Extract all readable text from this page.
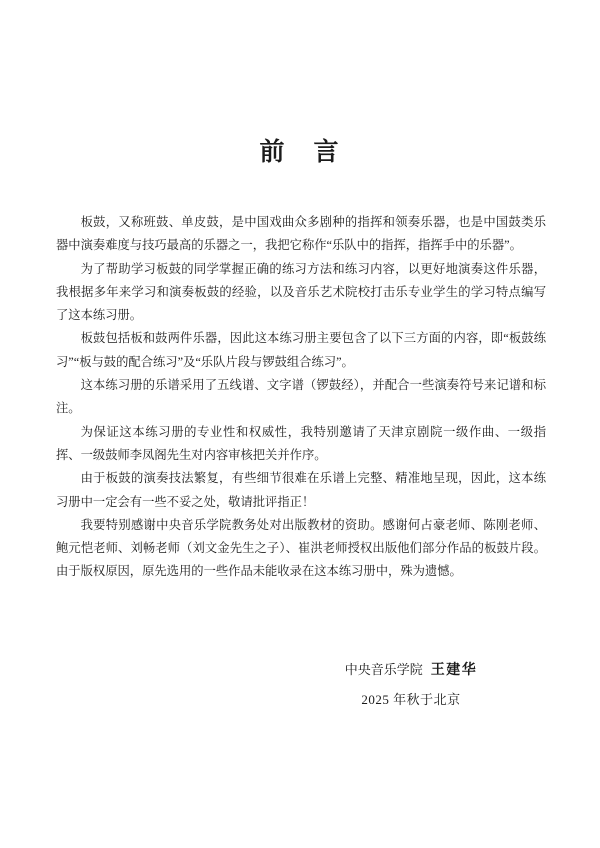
前　言

板鼓，又称班鼓、单皮鼓，是中国戏曲众多剧种的指挥和领奏乐器，也是中国鼓类乐器中演奏难度与技巧最高的乐器之一，我把它称作“乐队中的指挥，指挥手中的乐器”。

为了帮助学习板鼓的同学掌握正确的练习方法和练习内容，以更好地演奏这件乐器，我根据多年来学习和演奏板鼓的经验，以及音乐艺术院校打击乐专业学生的学习特点编写了这本练习册。

板鼓包括板和鼓两件乐器，因此这本练习册主要包含了以下三方面的内容，即“板鼓练习”“板与鼓的配合练习”及“乐队片段与锣鼓组合练习”。

这本练习册的乐谱采用了五线谱、文字谱（锣鼓经），并配合一些演奏符号来记谱和标注。

为保证这本练习册的专业性和权威性，我特别邀请了天津京剧院一级作曲、一级指挥、一级鼓师李凤阁先生对内容审核把关并作序。

由于板鼓的演奏技法繁复，有些细节很难在乐谱上完整、精准地呈现，因此，这本练习册中一定会有一些不妥之处，敬请批评指正！

我要特别感谢中央音乐学院教务处对出版教材的资助。感谢何占豪老师、陈刚老师、鲍元恺老师、刘畅老师（刘文金先生之子）、崔洪老师授权出版他们部分作品的板鼓片段。由于版权原因，原先选用的一些作品未能收录在这本练习册中，殊为遗憾。

中央音乐学院 王建华
2025 年秋于北京
